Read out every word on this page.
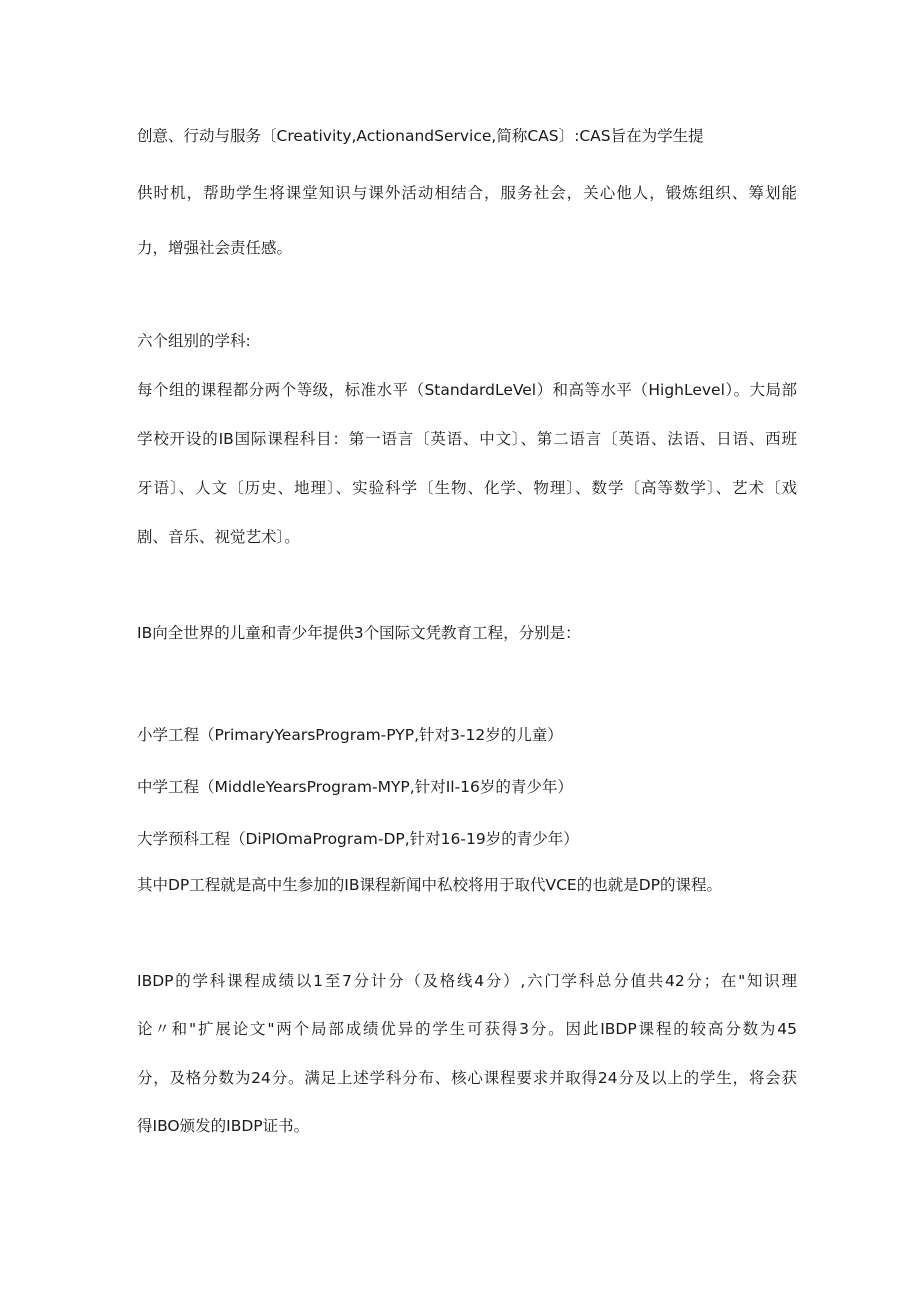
创意、行动与服务〔Creativity,ActionandService,简称CAS〕:CAS旨在为学生提
供时机，帮助学生将课堂知识与课外活动相结合，服务社会，关心他人，锻炼组织、筹划能
力，增强社会责任感。
六个组别的学科:
每个组的课程都分两个等级，标准水平（StandardLeVel）和高等水平（HighLevel）。大局部
学校开设的IB国际课程科目：第一语言〔英语、中文〕、第二语言〔英语、法语、日语、西班
牙语〕、人文〔历史、地理〕、实验科学〔生物、化学、物理〕、数学〔高等数学〕、艺术〔戏
剧、音乐、视觉艺术〕。
IB向全世界的儿童和青少年提供3个国际文凭教育工程，分别是：
小学工程（PrimaryYearsProgram-PYP,针对3-12岁的儿童）
中学工程（MiddleYearsProgram-MYP,针对Il-16岁的青少年）
大学预科工程（DiPIOmaProgram-DP,针对16-19岁的青少年）
其中DP工程就是高中生参加的IB课程新闻中私校将用于取代VCE的也就是DP的课程。
IBDP的学科课程成绩以1至7分计分（及格线4分）,六门学科总分值共42分；在"知识理
论〃和"扩展论文"两个局部成绩优异的学生可获得3分。因此IBDP课程的较高分数为45
分，及格分数为24分。满足上述学科分布、核心课程要求并取得24分及以上的学生，将会获
得IBO颁发的IBDP证书。
